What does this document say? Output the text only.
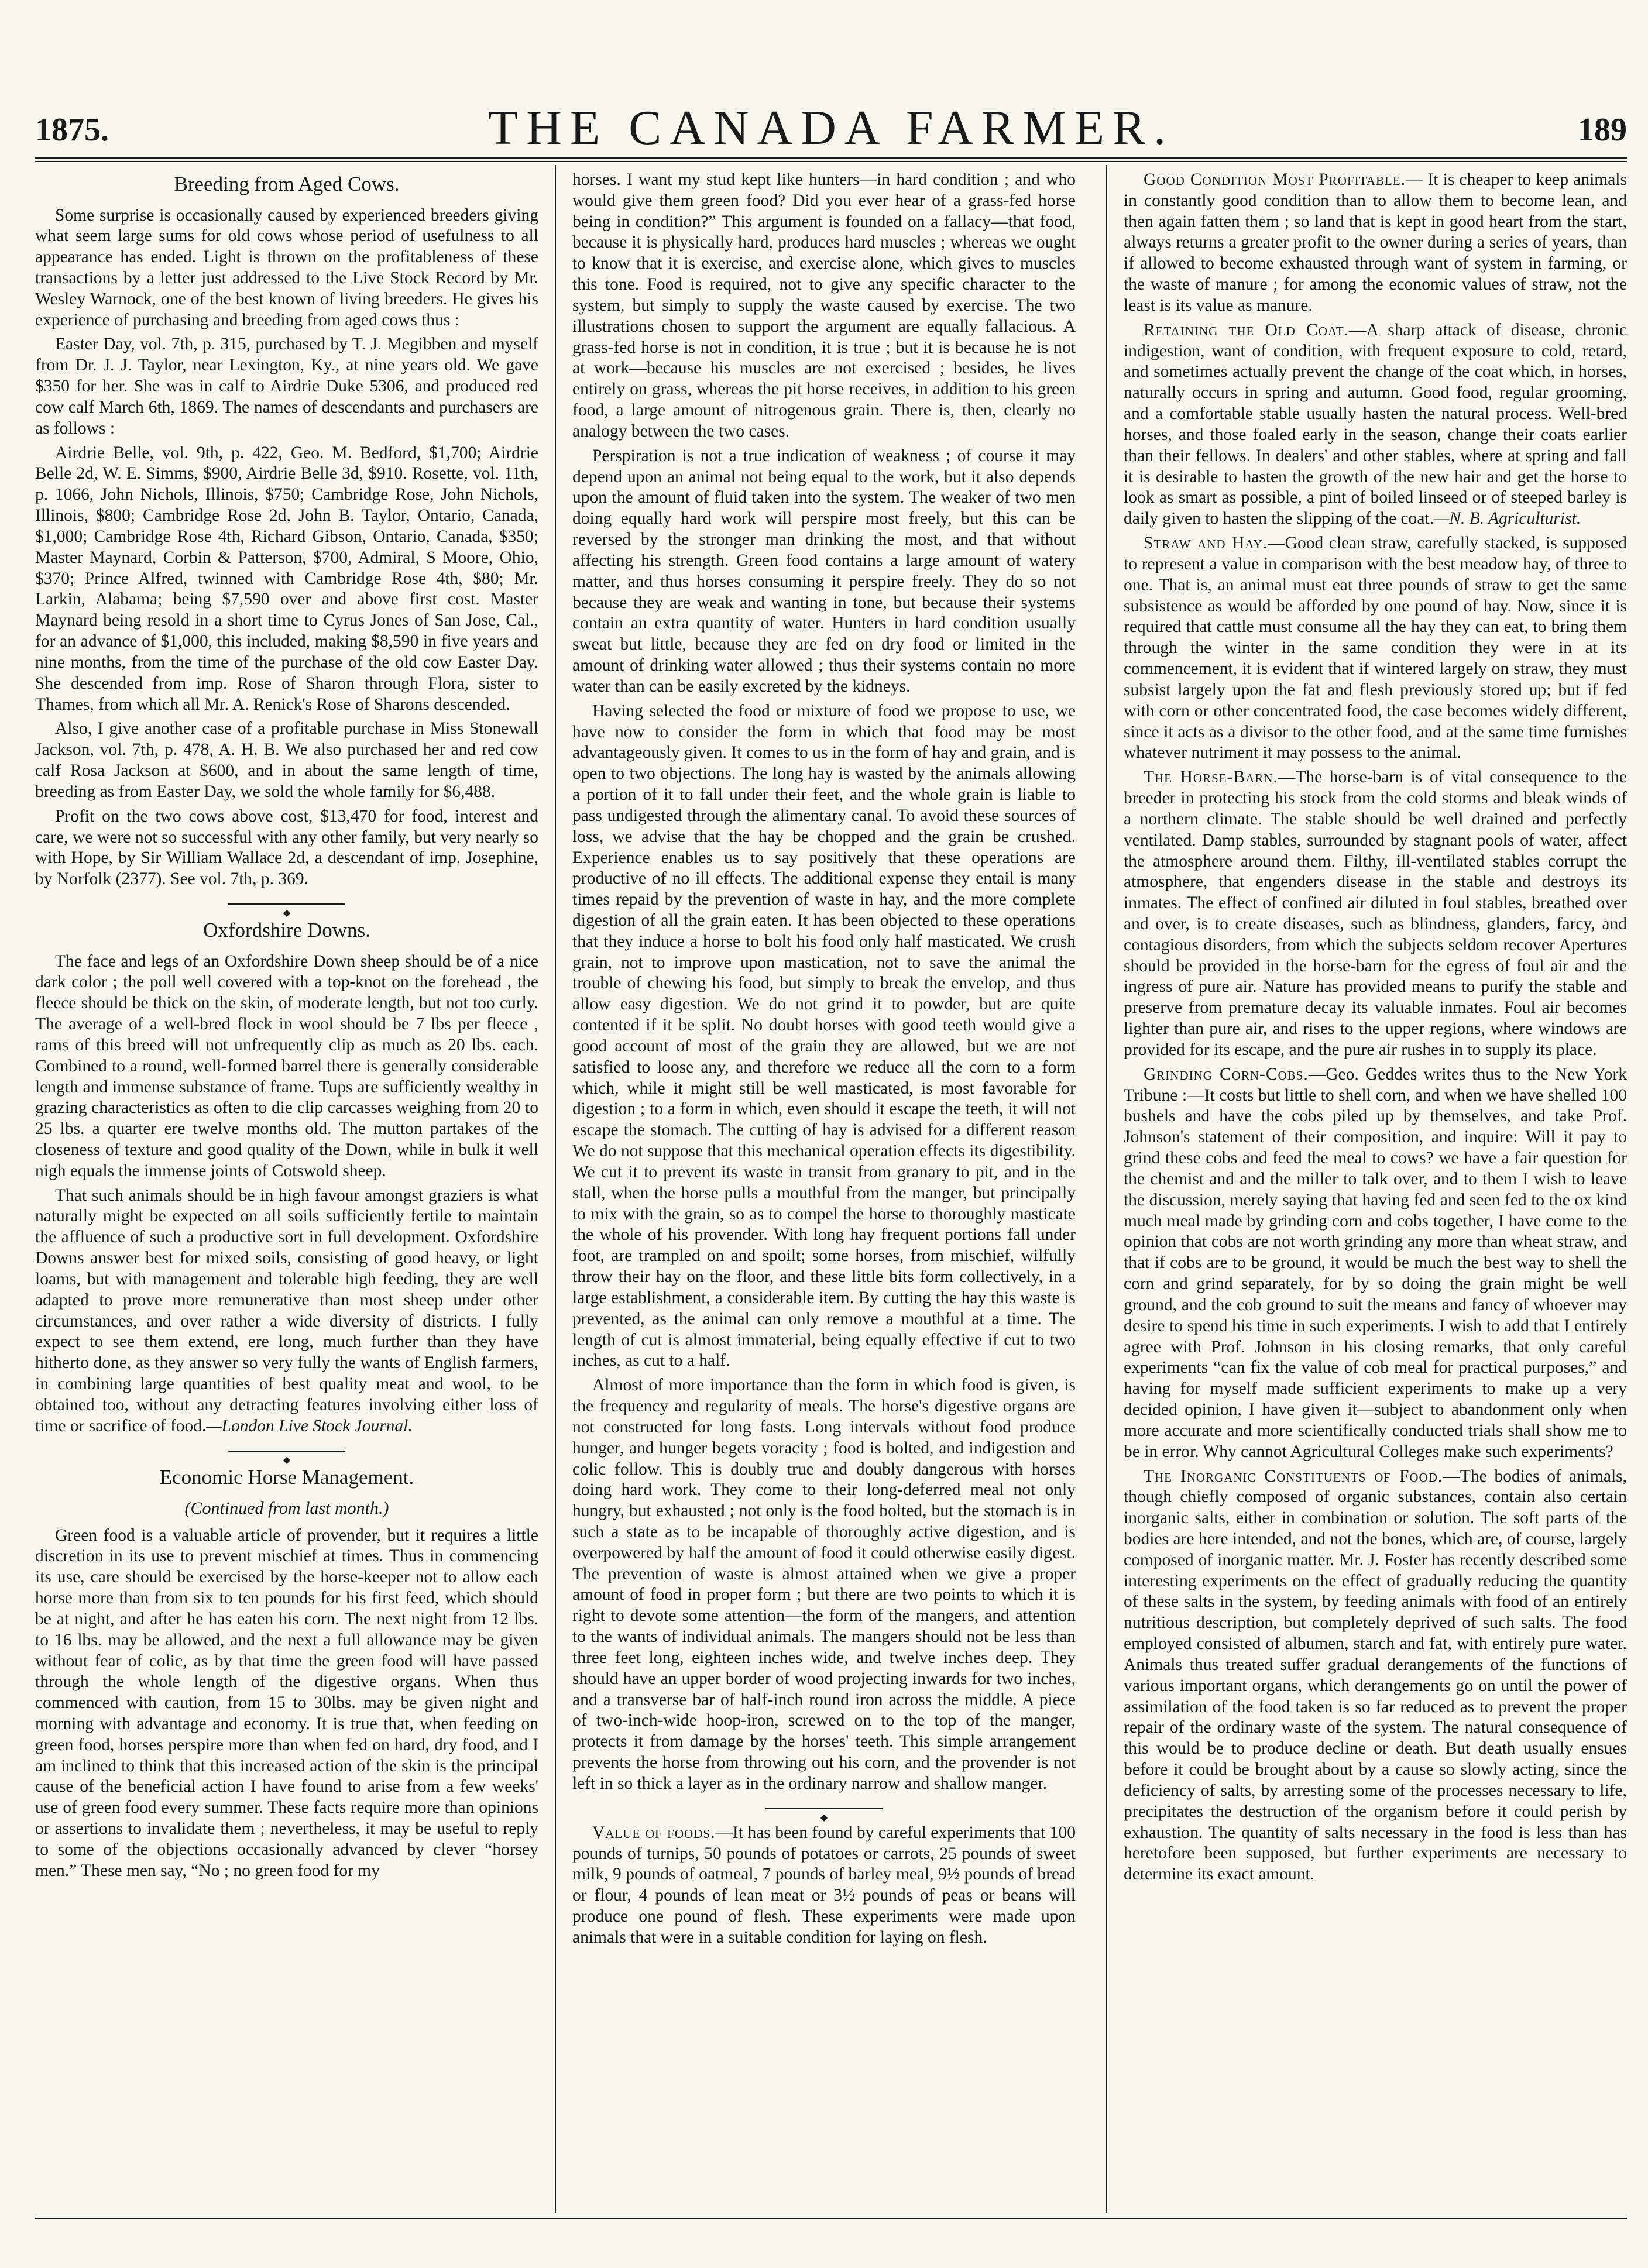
1875.	THE CANADA FARMER.	189
Breeding from Aged Cows.

Some surprise is occasionally caused by experienced breeders giving what seem large sums for old cows whose period of usefulness to all appearance has ended. Light is thrown on the profitableness of these transactions by a letter just addressed to the Live Stock Record by Mr. Wesley Warnock, one of the best known of living breeders. He gives his experience of purchasing and breeding from aged cows thus :

Easter Day, vol. 7th, p. 315, purchased by T. J. Megibben and myself from Dr. J. J. Taylor, near Lexington, Ky., at nine years old. We gave $350 for her. She was in calf to Airdrie Duke 5306, and produced red cow calf March 6th, 1869. The names of descendants and purchasers are as follows :

Airdrie Belle, vol. 9th, p. 422, Geo. M. Bedford, $1,700; Airdrie Belle 2d, W. E. Simms, $900, Airdrie Belle 3d, $910. Rosette, vol. 11th, p. 1066, John Nichols, Illinois, $750; Cambridge Rose, John Nichols, Illinois, $800; Cambridge Rose 2d, John B. Taylor, Ontario, Canada, $1,000; Cambridge Rose 4th, Richard Gibson, Ontario, Canada, $350; Master Maynard, Corbin & Patterson, $700, Admiral, S Moore, Ohio, $370; Prince Alfred, twinned with Cambridge Rose 4th, $80; Mr. Larkin, Alabama; being $7,590 over and above first cost. Master Maynard being resold in a short time to Cyrus Jones of San Jose, Cal., for an advance of $1,000, this included, making $8,590 in five years and nine months, from the time of the purchase of the old cow Easter Day. She descended from imp. Rose of Sharon through Flora, sister to Thames, from which all Mr. A. Renick's Rose of Sharons descended.

Also, I give another case of a profitable purchase in Miss Stonewall Jackson, vol. 7th, p. 478, A. H. B. We also purchased her and red cow calf Rosa Jackson at $600, and in about the same length of time, breeding as from Easter Day, we sold the whole family for $6,488.

Profit on the two cows above cost, $13,470 for food, interest and care, we were not so successful with any other family, but very nearly so with Hope, by Sir William Wallace 2d, a descendant of imp. Josephine, by Norfolk (2377). See vol. 7th, p. 369.

◆
Oxfordshire Downs.

The face and legs of an Oxfordshire Down sheep should be of a nice dark color ; the poll well covered with a top-knot on the forehead , the fleece should be thick on the skin, of moderate length, but not too curly. The average of a well-bred flock in wool should be 7 lbs per fleece , rams of this breed will not unfrequently clip as much as 20 lbs. each. Combined to a round, well-formed barrel there is generally considerable length and immense substance of frame. Tups are sufficiently wealthy in grazing characteristics as often to die clip carcasses weighing from 20 to 25 lbs. a quarter ere twelve months old. The mutton partakes of the closeness of texture and good quality of the Down, while in bulk it well nigh equals the immense joints of Cotswold sheep.

That such animals should be in high favour amongst graziers is what naturally might be expected on all soils sufficiently fertile to maintain the affluence of such a productive sort in full development. Oxfordshire Downs answer best for mixed soils, consisting of good heavy, or light loams, but with management and tolerable high feeding, they are well adapted to prove more remunerative than most sheep under other circumstances, and over rather a wide diversity of districts. I fully expect to see them extend, ere long, much further than they have hitherto done, as they answer so very fully the wants of English farmers, in combining large quantities of best quality meat and wool, to be obtained too, without any detracting features involving either loss of time or sacrifice of food.—London Live Stock Journal.

◆
Economic Horse Management.
(Continued from last month.)

Green food is a valuable article of provender, but it requires a little discretion in its use to prevent mischief at times. Thus in commencing its use, care should be exercised by the horse-keeper not to allow each horse more than from six to ten pounds for his first feed, which should be at night, and after he has eaten his corn. The next night from 12 lbs. to 16 lbs. may be allowed, and the next a full allowance may be given without fear of colic, as by that time the green food will have passed through the whole length of the digestive organs. When thus commenced with caution, from 15 to 30lbs. may be given night and morning with advantage and economy. It is true that, when feeding on green food, horses perspire more than when fed on hard, dry food, and I am inclined to think that this increased action of the skin is the principal cause of the beneficial action I have found to arise from a few weeks' use of green food every summer. These facts require more than opinions or assertions to invalidate them ; nevertheless, it may be useful to reply to some of the objections occasionally advanced by clever “horsey men.” These men say, “No ; no green food for my

horses. I want my stud kept like hunters—in hard condition ; and who would give them green food? Did you ever hear of a grass-fed horse being in condition?” This argument is founded on a fallacy—that food, because it is physically hard, produces hard muscles ; whereas we ought to know that it is exercise, and exercise alone, which gives to muscles this tone. Food is required, not to give any specific character to the system, but simply to supply the waste caused by exercise. The two illustrations chosen to support the argument are equally fallacious. A grass-fed horse is not in condition, it is true ; but it is because he is not at work—because his muscles are not exercised ; besides, he lives entirely on grass, whereas the pit horse receives, in addition to his green food, a large amount of nitrogenous grain. There is, then, clearly no analogy between the two cases.

Perspiration is not a true indication of weakness ; of course it may depend upon an animal not being equal to the work, but it also depends upon the amount of fluid taken into the system. The weaker of two men doing equally hard work will perspire most freely, but this can be reversed by the stronger man drinking the most, and that without affecting his strength. Green food contains a large amount of watery matter, and thus horses consuming it perspire freely. They do so not because they are weak and wanting in tone, but because their systems contain an extra quantity of water. Hunters in hard condition usually sweat but little, because they are fed on dry food or limited in the amount of drinking water allowed ; thus their systems contain no more water than can be easily excreted by the kidneys.

Having selected the food or mixture of food we propose to use, we have now to consider the form in which that food may be most advantageously given. It comes to us in the form of hay and grain, and is open to two objections. The long hay is wasted by the animals allowing a portion of it to fall under their feet, and the whole grain is liable to pass undigested through the alimentary canal. To avoid these sources of loss, we advise that the hay be chopped and the grain be crushed. Experience enables us to say positively that these operations are productive of no ill effects. The additional expense they entail is many times repaid by the prevention of waste in hay, and the more complete digestion of all the grain eaten. It has been objected to these operations that they induce a horse to bolt his food only half masticated. We crush grain, not to improve upon mastication, not to save the animal the trouble of chewing his food, but simply to break the envelop, and thus allow easy digestion. We do not grind it to powder, but are quite contented if it be split. No doubt horses with good teeth would give a good account of most of the grain they are allowed, but we are not satisfied to loose any, and therefore we reduce all the corn to a form which, while it might still be well masticated, is most favorable for digestion ; to a form in which, even should it escape the teeth, it will not escape the stomach. The cutting of hay is advised for a different reason We do not suppose that this mechanical operation effects its digestibility. We cut it to prevent its waste in transit from granary to pit, and in the stall, when the horse pulls a mouthful from the manger, but principally to mix with the grain, so as to compel the horse to thoroughly masticate the whole of his provender. With long hay frequent portions fall under foot, are trampled on and spoilt; some horses, from mischief, wilfully throw their hay on the floor, and these little bits form collectively, in a large establishment, a considerable item. By cutting the hay this waste is prevented, as the animal can only remove a mouthful at a time. The length of cut is almost immaterial, being equally effective if cut to two inches, as cut to a half.

Almost of more importance than the form in which food is given, is the frequency and regularity of meals. The horse's digestive organs are not constructed for long fasts. Long intervals without food produce hunger, and hunger begets voracity ; food is bolted, and indigestion and colic follow. This is doubly true and doubly dangerous with horses doing hard work. They come to their long-deferred meal not only hungry, but exhausted ; not only is the food bolted, but the stomach is in such a state as to be incapable of thoroughly active digestion, and is overpowered by half the amount of food it could otherwise easily digest. The prevention of waste is almost attained when we give a proper amount of food in proper form ; but there are two points to which it is right to devote some attention—the form of the mangers, and attention to the wants of individual animals. The mangers should not be less than three feet long, eighteen inches wide, and twelve inches deep. They should have an upper border of wood projecting inwards for two inches, and a transverse bar of half-inch round iron across the middle. A piece of two-inch-wide hoop-iron, screwed on to the top of the manger, protects it from damage by the horses' teeth. This simple arrangement prevents the horse from throwing out his corn, and the provender is not left in so thick a layer as in the ordinary narrow and shallow manger.

◆

Value of foods.—It has been found by careful experiments that 100 pounds of turnips, 50 pounds of potatoes or carrots, 25 pounds of sweet milk, 9 pounds of oatmeal, 7 pounds of barley meal, 9½ pounds of bread or flour, 4 pounds of lean meat or 3½ pounds of peas or beans will produce one pound of flesh. These experiments were made upon animals that were in a suitable condition for laying on flesh.

Good Condition Most Profitable.— It is cheaper to keep animals in constantly good condition than to allow them to become lean, and then again fatten them ; so land that is kept in good heart from the start, always returns a greater profit to the owner during a series of years, than if allowed to become exhausted through want of system in farming, or the waste of manure ; for among the economic values of straw, not the least is its value as manure.

Retaining the Old Coat.—A sharp attack of disease, chronic indigestion, want of condition, with frequent exposure to cold, retard, and sometimes actually prevent the change of the coat which, in horses, naturally occurs in spring and autumn. Good food, regular grooming, and a comfortable stable usually hasten the natural process. Well-bred horses, and those foaled early in the season, change their coats earlier than their fellows. In dealers' and other stables, where at spring and fall it is desirable to hasten the growth of the new hair and get the horse to look as smart as possible, a pint of boiled linseed or of steeped barley is daily given to hasten the slipping of the coat.—N. B. Agriculturist.

Straw and Hay.—Good clean straw, carefully stacked, is supposed to represent a value in comparison with the best meadow hay, of three to one. That is, an animal must eat three pounds of straw to get the same subsistence as would be afforded by one pound of hay. Now, since it is required that cattle must consume all the hay they can eat, to bring them through the winter in the same condition they were in at its commencement, it is evident that if wintered largely on straw, they must subsist largely upon the fat and flesh previously stored up; but if fed with corn or other concentrated food, the case becomes widely different, since it acts as a divisor to the other food, and at the same time furnishes whatever nutriment it may possess to the animal.

The Horse-Barn.—The horse-barn is of vital consequence to the breeder in protecting his stock from the cold storms and bleak winds of a northern climate. The stable should be well drained and perfectly ventilated. Damp stables, surrounded by stagnant pools of water, affect the atmosphere around them. Filthy, ill-ventilated stables corrupt the atmosphere, that engenders disease in the stable and destroys its inmates. The effect of confined air diluted in foul stables, breathed over and over, is to create diseases, such as blindness, glanders, farcy, and contagious disorders, from which the subjects seldom recover Apertures should be provided in the horse-barn for the egress of foul air and the ingress of pure air. Nature has provided means to purify the stable and preserve from premature decay its valuable inmates. Foul air becomes lighter than pure air, and rises to the upper regions, where windows are provided for its escape, and the pure air rushes in to supply its place.

Grinding Corn-Cobs.—Geo. Geddes writes thus to the New York Tribune :—It costs but little to shell corn, and when we have shelled 100 bushels and have the cobs piled up by themselves, and take Prof. Johnson's statement of their composition, and inquire: Will it pay to grind these cobs and feed the meal to cows? we have a fair question for the chemist and and the miller to talk over, and to them I wish to leave the discussion, merely saying that having fed and seen fed to the ox kind much meal made by grinding corn and cobs together, I have come to the opinion that cobs are not worth grinding any more than wheat straw, and that if cobs are to be ground, it would be much the best way to shell the corn and grind separately, for by so doing the grain might be well ground, and the cob ground to suit the means and fancy of whoever may desire to spend his time in such experiments. I wish to add that I entirely agree with Prof. Johnson in his closing remarks, that only careful experiments “can fix the value of cob meal for practical purposes,” and having for myself made sufficient experiments to make up a very decided opinion, I have given it—subject to abandonment only when more accurate and more scientifically conducted trials shall show me to be in error. Why cannot Agricultural Colleges make such experiments?

The Inorganic Constituents of Food.—The bodies of animals, though chiefly composed of organic substances, contain also certain inorganic salts, either in combination or solution. The soft parts of the bodies are here intended, and not the bones, which are, of course, largely composed of inorganic matter. Mr. J. Foster has recently described some interesting experiments on the effect of gradually reducing the quantity of these salts in the system, by feeding animals with food of an entirely nutritious description, but completely deprived of such salts. The food employed consisted of albumen, starch and fat, with entirely pure water. Animals thus treated suffer gradual derangements of the functions of various important organs, which derangements go on until the power of assimilation of the food taken is so far reduced as to prevent the proper repair of the ordinary waste of the system. The natural consequence of this would be to produce decline or death. But death usually ensues before it could be brought about by a cause so slowly acting, since the deficiency of salts, by arresting some of the processes necessary to life, precipitates the destruction of the organism before it could perish by exhaustion. The quantity of salts necessary in the food is less than has heretofore been supposed, but further experiments are necessary to determine its exact amount.
